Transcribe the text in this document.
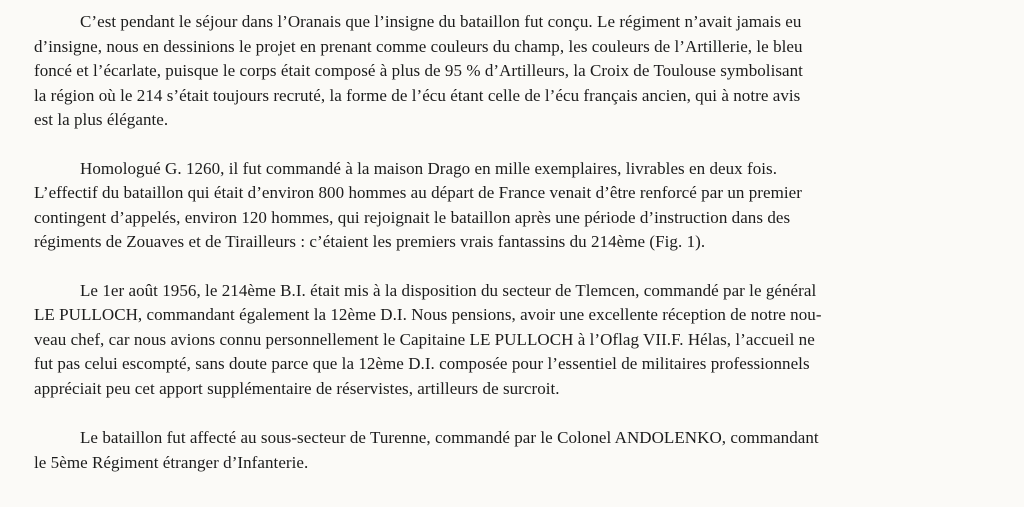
C’est pendant le séjour dans l’Oranais que l’insigne du bataillon fut conçu. Le régiment n’avait jamais eu
d’insigne, nous en dessinions le projet en prenant comme couleurs du champ, les couleurs de l’Artillerie, le bleu
foncé et l’écarlate, puisque le corps était composé à plus de 95 % d’Artilleurs, la Croix de Toulouse symbolisant
la région où le 214 s’était toujours recruté, la forme de l’écu étant celle de l’écu français ancien, qui à notre avis
est la plus élégante.

Homologué G. 1260, il fut commandé à la maison Drago en mille exemplaires, livrables en deux fois.
L’effectif du bataillon qui était d’environ 800 hommes au départ de France venait d’être renforcé par un premier
contingent d’appelés, environ 120 hommes, qui rejoignait le bataillon après une période d’instruction dans des
régiments de Zouaves et de Tirailleurs : c’étaient les premiers vrais fantassins du 214ème (Fig. 1).

Le 1er août 1956, le 214ème B.I. était mis à la disposition du secteur de Tlemcen, commandé par le général
LE PULLOCH, commandant également la 12ème D.I. Nous pensions, avoir une excellente réception de notre nou-
veau chef, car nous avions connu personnellement le Capitaine LE PULLOCH à l’Oflag VII.F. Hélas, l’accueil ne
fut pas celui escompté, sans doute parce que la 12ème D.I. composée pour l’essentiel de militaires professionnels
appréciait peu cet apport supplémentaire de réservistes, artilleurs de surcroit.

Le bataillon fut affecté au sous-secteur de Turenne, commandé par le Colonel ANDOLENKO, commandant
le 5ème Régiment étranger d’Infanterie.
